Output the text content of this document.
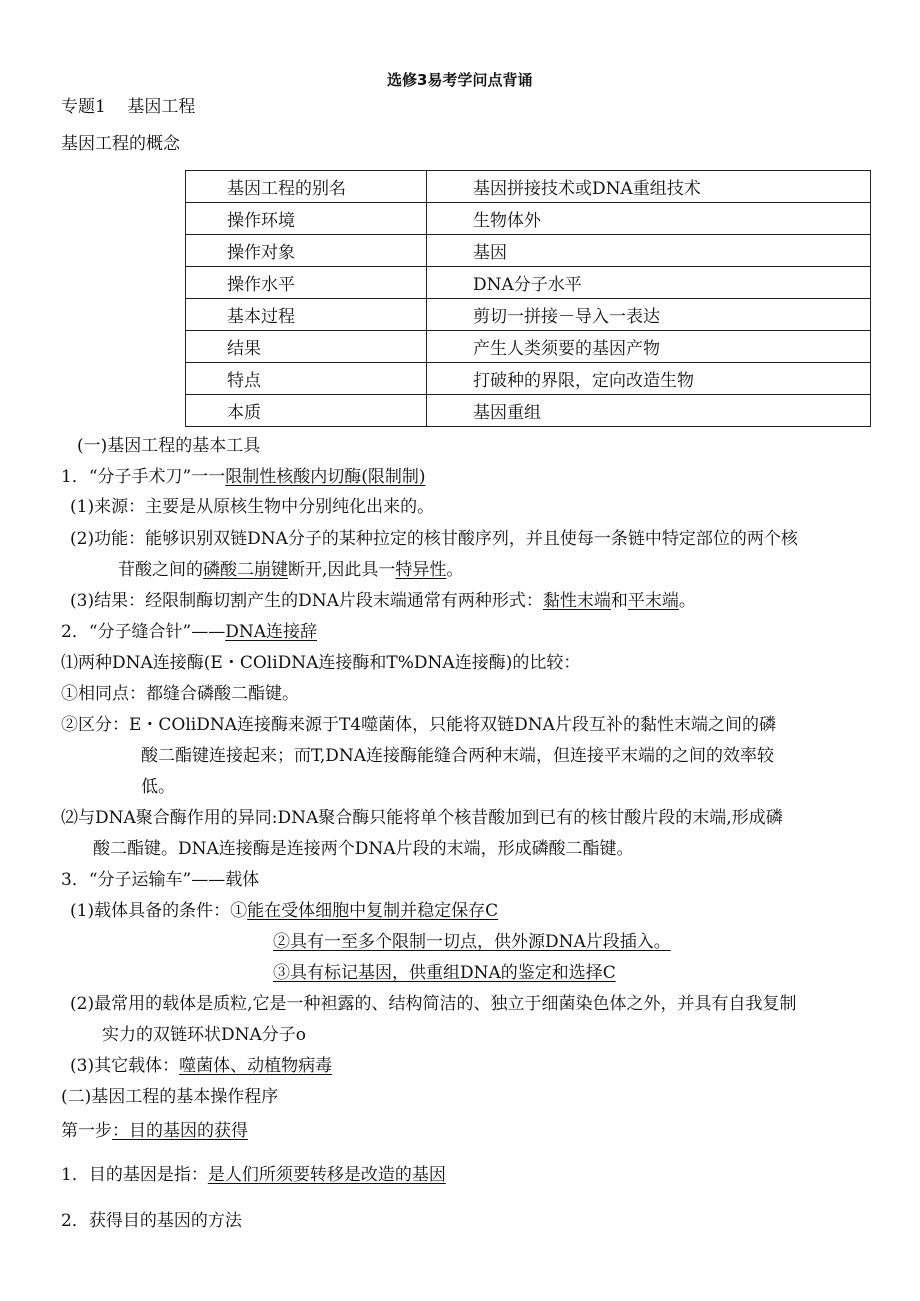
选修3易考学问点背诵
专题1    基因工程
基因工程的概念
基因工程的别名	基因拼接技术或DNA重组技术
操作环境	生物体外
操作对象	基因
操作水平	DNA分子水平
基本过程	剪切一拼接－导入一表达
结果	产生人类须要的基因产物
特点	打破种的界限，定向改造生物
本质	基因重组
(一)基因工程的基本工具
1．“分子手术刀”一一限制性核酸内切酶(限制制)
(1)来源：主要是从原核生物中分别纯化出来的。
(2)功能：能够识别双链DNA分子的某种拉定的核甘酸序列，并且使每一条链中特定部位的两个核
苷酸之间的磷酸二崩键断开,因此具一特异性。
(3)结果：经限制酶切割产生的DNA片段末端通常有两种形式：黏性末端和平末端。
2．“分子缝合针”——DNA连接辞
⑴两种DNA连接酶(E・COliDNA连接酶和T%DNA连接酶)的比较：
①相同点：都缝合磷酸二酯键。
②区分：E・COliDNA连接酶来源于T4噬菌体，只能将双链DNA片段互补的黏性末端之间的磷
酸二酯键连接起来；而T,DNA连接酶能缝合两种末端，但连接平末端的之间的效率较
低。
⑵与DNA聚合酶作用的异同:DNA聚合酶只能将单个核昔酸加到已有的核甘酸片段的末端,形成磷
酸二酯键。DNA连接酶是连接两个DNA片段的末端，形成磷酸二酯键。
3．“分子运输车”——载体
(1)载体具备的条件：①能在受体细胞中复制并稳定保存C
②具有一至多个限制一切点，供外源DNA片段插入。
③具有标记基因，供重组DNA的鉴定和选择C
(2)最常用的载体是质粒,它是一种袒露的、结构简洁的、独立于细菌染色体之外，并具有自我复制
实力的双链环状DNA分子o
(3)其它载体：噬菌体、动植物病毒
(二)基因工程的基本操作程序
第一步：目的基因的获得
1．目的基因是指：是人们所须要转移是改造的基因
2．获得目的基因的方法
